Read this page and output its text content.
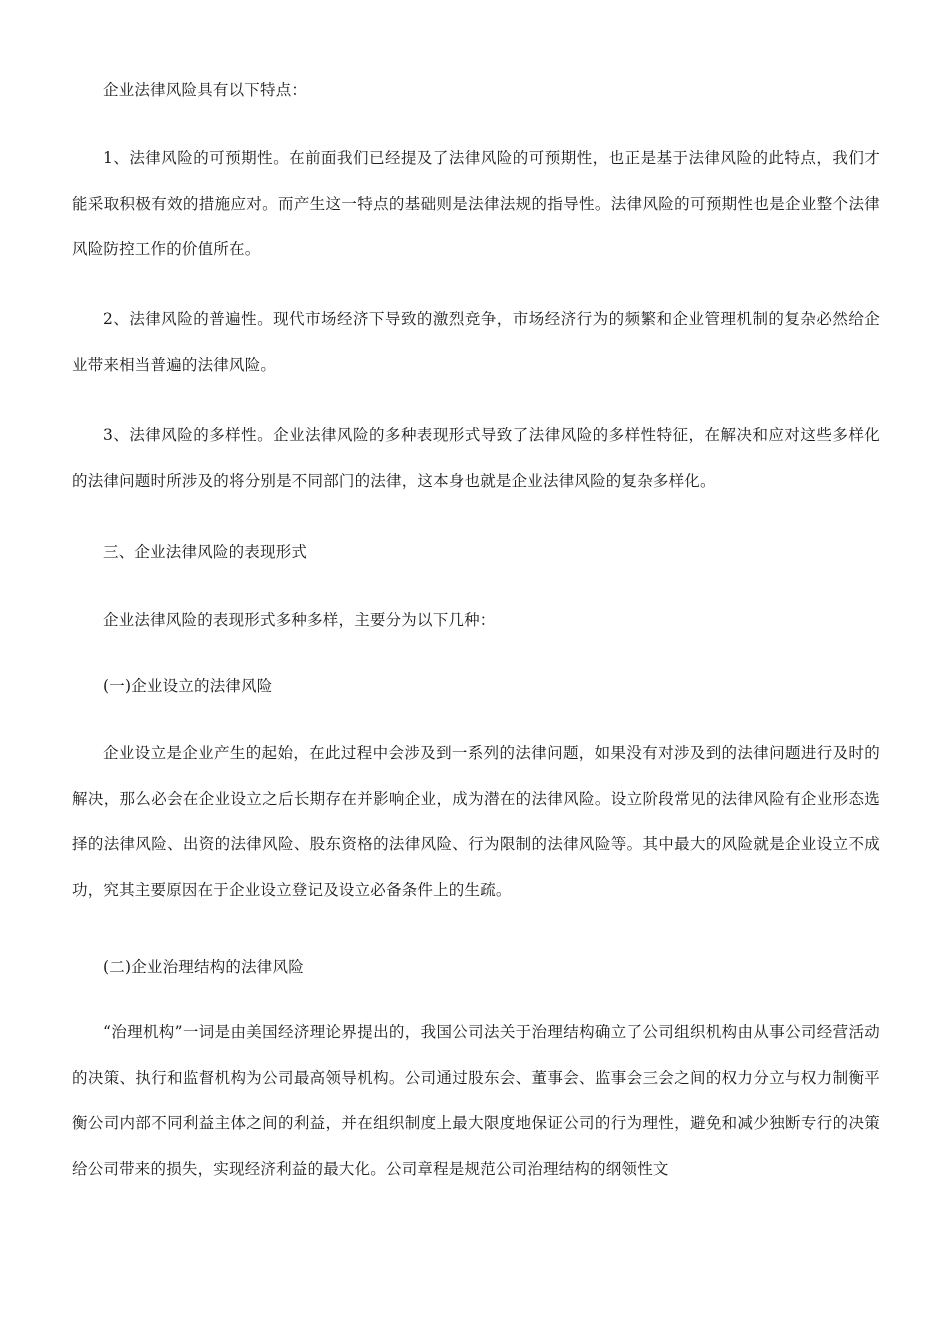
企业法律风险具有以下特点：

1、法律风险的可预期性。在前面我们已经提及了法律风险的可预期性，也正是基于法律风险的此特点，我们才能采取积极有效的措施应对。而产生这一特点的基础则是法律法规的指导性。法律风险的可预期性也是企业整个法律风险防控工作的价值所在。

2、法律风险的普遍性。现代市场经济下导致的激烈竞争，市场经济行为的频繁和企业管理机制的复杂必然给企业带来相当普遍的法律风险。

3、法律风险的多样性。企业法律风险的多种表现形式导致了法律风险的多样性特征，在解决和应对这些多样化的法律问题时所涉及的将分别是不同部门的法律，这本身也就是企业法律风险的复杂多样化。

三、企业法律风险的表现形式

企业法律风险的表现形式多种多样，主要分为以下几种：

(一)企业设立的法律风险

企业设立是企业产生的起始，在此过程中会涉及到一系列的法律问题，如果没有对涉及到的法律问题进行及时的解决，那么必会在企业设立之后长期存在并影响企业，成为潜在的法律风险。设立阶段常见的法律风险有企业形态选择的法律风险、出资的法律风险、股东资格的法律风险、行为限制的法律风险等。其中最大的风险就是企业设立不成功，究其主要原因在于企业设立登记及设立必备条件上的生疏。

(二)企业治理结构的法律风险

“治理机构”一词是由美国经济理论界提出的，我国公司法关于治理结构确立了公司组织机构由从事公司经营活动的决策、执行和监督机构为公司最高领导机构。公司通过股东会、董事会、监事会三会之间的权力分立与权力制衡平衡公司内部不同利益主体之间的利益，并在组织制度上最大限度地保证公司的行为理性，避免和减少独断专行的决策给公司带来的损失，实现经济利益的最大化。公司章程是规范公司治理结构的纲领性文
